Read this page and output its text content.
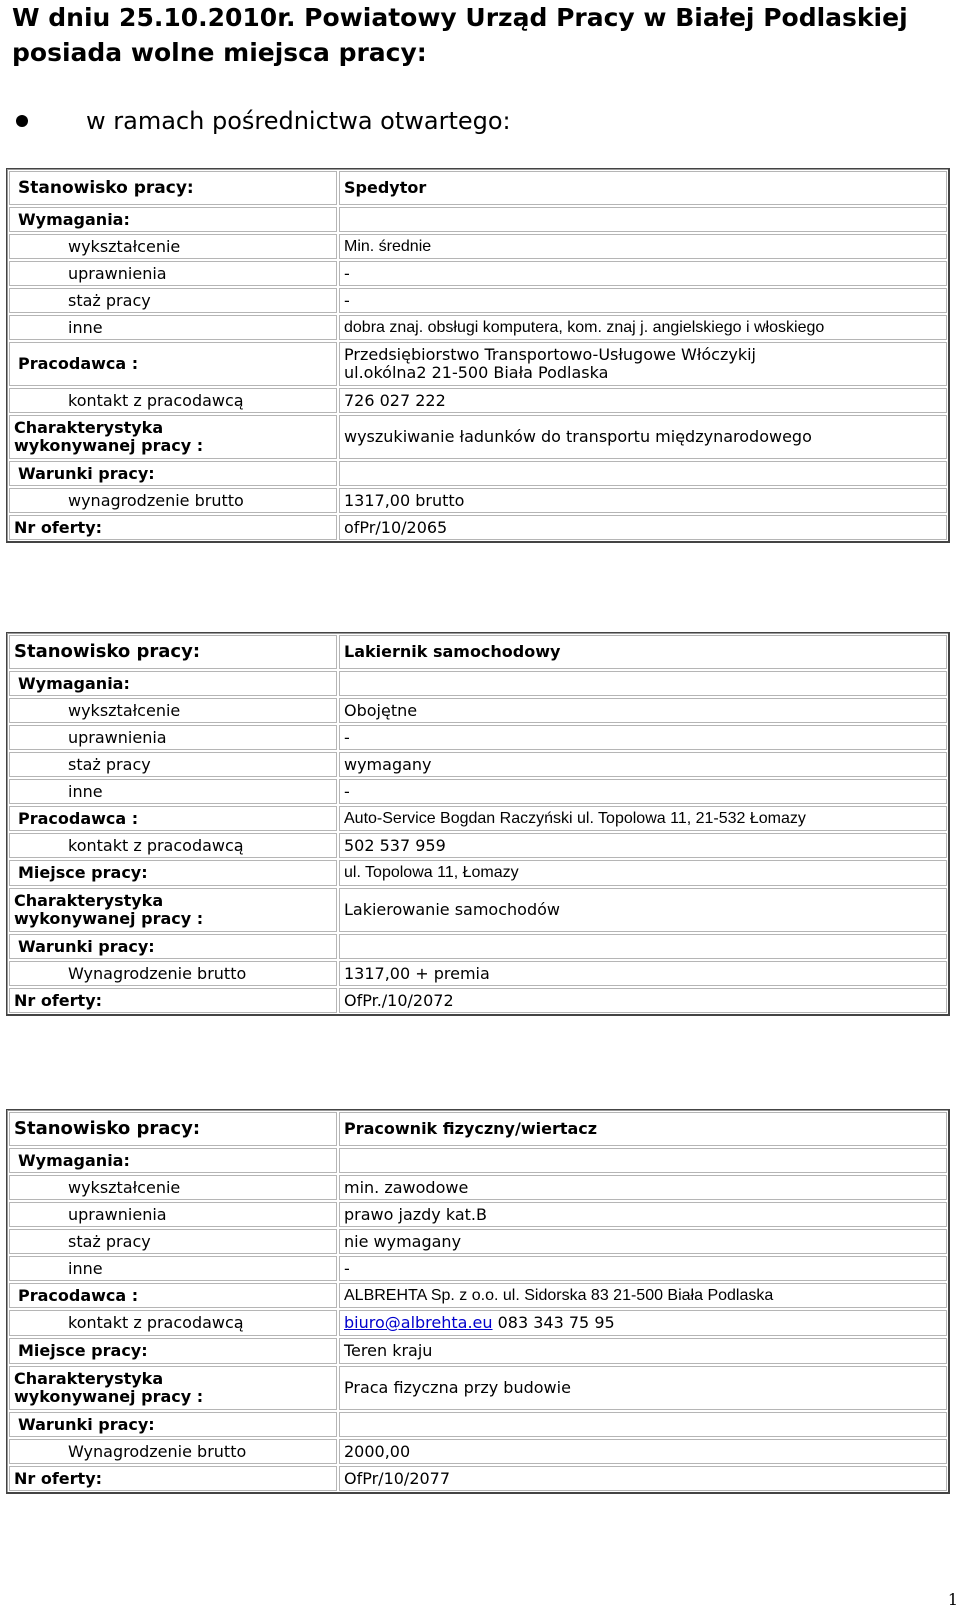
W dniu 25.10.2010r. Powiatowy Urząd Pracy w Białej Podlaskiej posiada wolne miejsca pracy:
w ramach pośrednictwa otwartego:
Stanowisko pracy:	Spedytor
Wymagania:	
wykształcenie	Min. średnie
uprawnienia	-
staż pracy	-
inne	dobra znaj. obsługi komputera, kom. znaj j. angielskiego i włoskiego
Pracodawca :	Przedsiębiorstwo Transportowo-Usługowe Włóczykij
ul.okólna2 21-500 Biała Podlaska
kontakt z pracodawcą	726 027 222
Charakterystyka
wykonywanej pracy :	wyszukiwanie ładunków do transportu międzynarodowego
Warunki pracy:	
wynagrodzenie brutto	1317,00 brutto
Nr oferty:	ofPr/10/2065
Stanowisko pracy:	Lakiernik samochodowy
Wymagania:	
wykształcenie	Obojętne
uprawnienia	-
staż pracy	wymagany
inne	-
Pracodawca :	Auto-Service Bogdan Raczyński ul. Topolowa 11, 21-532 Łomazy
kontakt z pracodawcą	502 537 959
Miejsce pracy:	ul. Topolowa 11, Łomazy
Charakterystyka
wykonywanej pracy :	Lakierowanie samochodów
Warunki pracy:	
Wynagrodzenie brutto	1317,00 + premia
Nr oferty:	OfPr./10/2072
Stanowisko pracy:	Pracownik fizyczny/wiertacz
Wymagania:	
wykształcenie	min. zawodowe
uprawnienia	prawo jazdy kat.B
staż pracy	nie wymagany
inne	-
Pracodawca :	ALBREHTA Sp. z o.o. ul. Sidorska 83 21-500 Biała Podlaska
kontakt z pracodawcą	biuro@albrehta.eu 083 343 75 95
Miejsce pracy:	Teren kraju
Charakterystyka
wykonywanej pracy :	Praca fizyczna przy budowie
Warunki pracy:	
Wynagrodzenie brutto	2000,00
Nr oferty:	OfPr/10/2077
1
